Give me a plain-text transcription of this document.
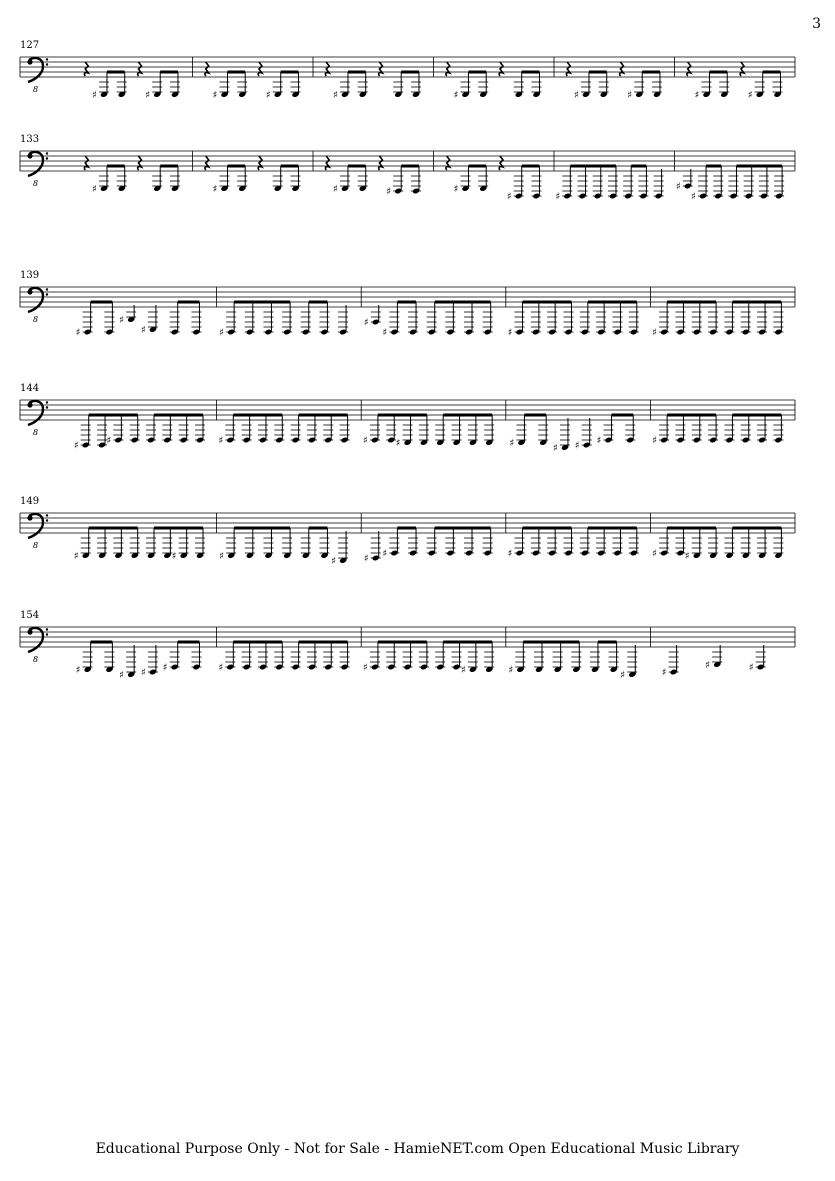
3
127
8
♯	♯	♯	♯	♯	♯	♯	♯	♯	♯
133
8
♯	♯	♯	♯	♯
♯	♯
♯
♯
139
8
♯
♯
♯	♯
♯
♯	♯	♯
144
8
♯	♯	♯	♯	♯	♯	♯ ♯ ♯	♯
149
8
♯	♯	♯	♯	♯ ♯	♯	♯	♯
154
8
♯	♯ ♯ ♯	♯	♯	♯	♯	♯	♯
♯	♯
Educational Purpose Only - Not for Sale - HamieNET.com Open Educational Music Library
